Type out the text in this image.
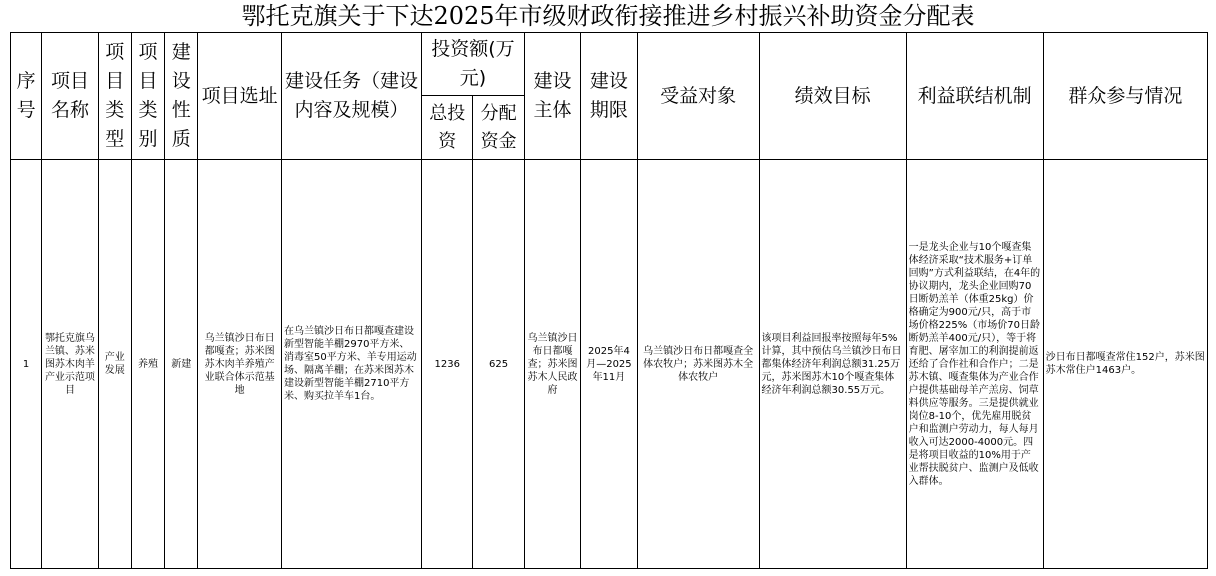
鄂托克旗关于下达2025年市级财政衔接推进乡村振兴补助资金分配表
序号	项目名称	项目类型	项目类别	建设性质	项目选址	建设任务（建设内容及规模）	投资额(万元)		建设主体	建设期限	受益对象	绩效目标	利益联结机制	群众参与情况
							总投资	分配资金						
1	鄂托克旗乌兰镇、苏米图苏木肉羊产业示范项目	产业发展	养殖	新建	乌兰镇沙日布日都嘎查；苏米图苏木肉羊养殖产业联合体示范基地	在乌兰镇沙日布日都嘎查建设新型智能羊棚2970平方米、消毒室50平方米、羊专用运动场、隔离羊棚；在苏米图苏木建设新型智能羊棚2710平方米、购买拉羊车1台。	1236	625	乌兰镇沙日布日都嘎查；苏米图苏木人民政府	2025年4月—2025年11月	乌兰镇沙日布日都嘎查全体农牧户；苏米图苏木全体农牧户	该项目利益回报率按照每年5%计算，其中预估乌兰镇沙日布日都集体经济年利润总额31.25万元，苏米图苏木10个嘎查集体经济年利润总额30.55万元。	一是龙头企业与10个嘎查集体经济采取“技术服务+订单回购”方式利益联结，在4年的协议期内，龙头企业回购70日断奶羔羊（体重25kg）价格确定为900元/只，高于市场价格225%（市场价70日龄断奶羔羊400元/只），等于将育肥、屠宰加工的利润提前返还给了合作社和合作户；二是苏木镇、嘎查集体为产业合作户提供基础母羊产羔房、饲草料供应等服务。三是提供就业岗位8-10个，优先雇用脱贫户和监测户劳动力，每人每月收入可达2000-4000元。四是将项目收益的10%用于产业帮扶脱贫户、监测户及低收入群体。	沙日布日都嘎查常住152户，苏米图苏木常住户1463户。
